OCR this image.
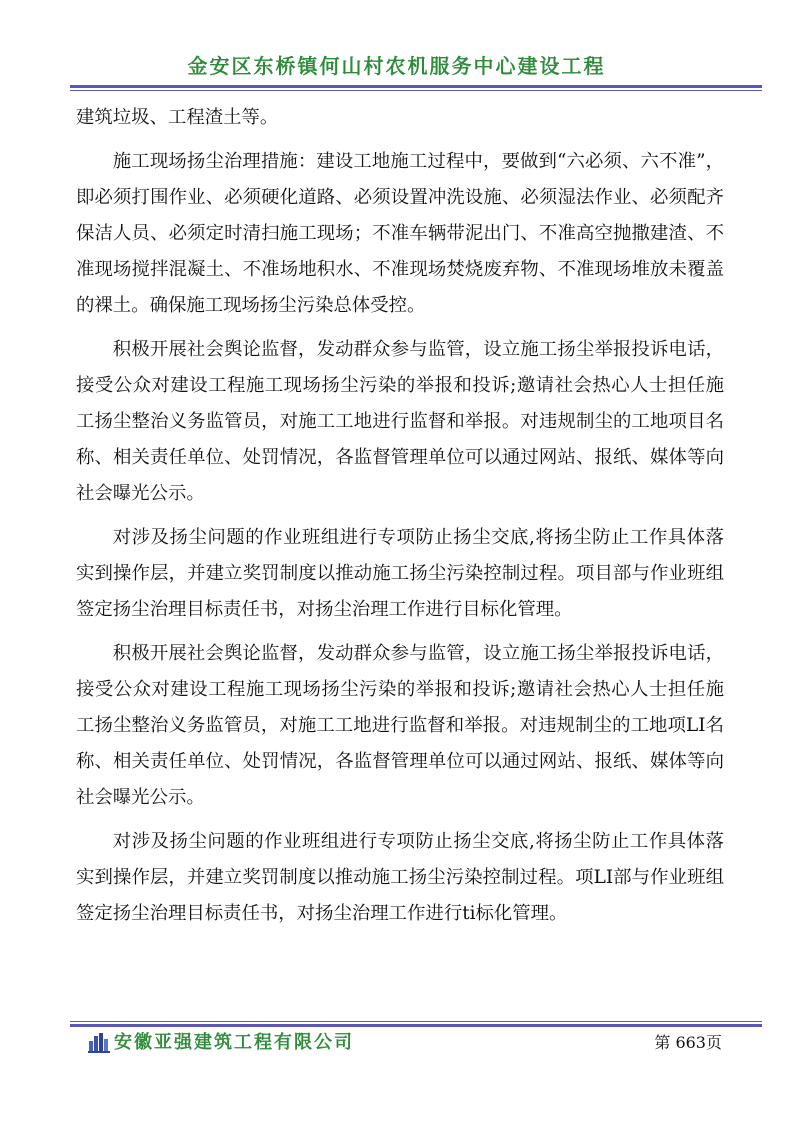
金安区东桥镇何山村农机服务中心建设工程

建筑垃圾、工程渣土等。

施工现场扬尘治理措施：建设工地施工过程中，要做到“六必须、六不准”，即必须打围作业、必须硬化道路、必须设置冲洗设施、必须湿法作业、必须配齐保洁人员、必须定时清扫施工现场；不准车辆带泥出门、不准高空抛撒建渣、不准现场搅拌混凝土、不准场地积水、不准现场焚烧废弃物、不准现场堆放未覆盖的裸土。确保施工现场扬尘污染总体受控。

积极开展社会舆论监督，发动群众参与监管，设立施工扬尘举报投诉电话，接受公众对建设工程施工现场扬尘污染的举报和投诉;邀请社会热心人士担任施工扬尘整治义务监管员，对施工工地进行监督和举报。对违规制尘的工地项目名称、相关责任单位、处罚情况，各监督管理单位可以通过网站、报纸、媒体等向社会曝光公示。

对涉及扬尘问题的作业班组进行专项防止扬尘交底,将扬尘防止工作具体落实到操作层，并建立奖罚制度以推动施工扬尘污染控制过程。项目部与作业班组签定扬尘治理目标责任书，对扬尘治理工作进行目标化管理。

积极开展社会舆论监督，发动群众参与监管，设立施工扬尘举报投诉电话，接受公众对建设工程施工现场扬尘污染的举报和投诉;邀请社会热心人士担任施工扬尘整治义务监管员，对施工工地进行监督和举报。对违规制尘的工地项LI名称、相关责任单位、处罚情况，各监督管理单位可以通过网站、报纸、媒体等向社会曝光公示。

对涉及扬尘问题的作业班组进行专项防止扬尘交底,将扬尘防止工作具体落实到操作层，并建立奖罚制度以推动施工扬尘污染控制过程。项LI部与作业班组签定扬尘治理目标责任书，对扬尘治理工作进行ti标化管理。

安徽亚强建筑工程有限公司	第 663页
